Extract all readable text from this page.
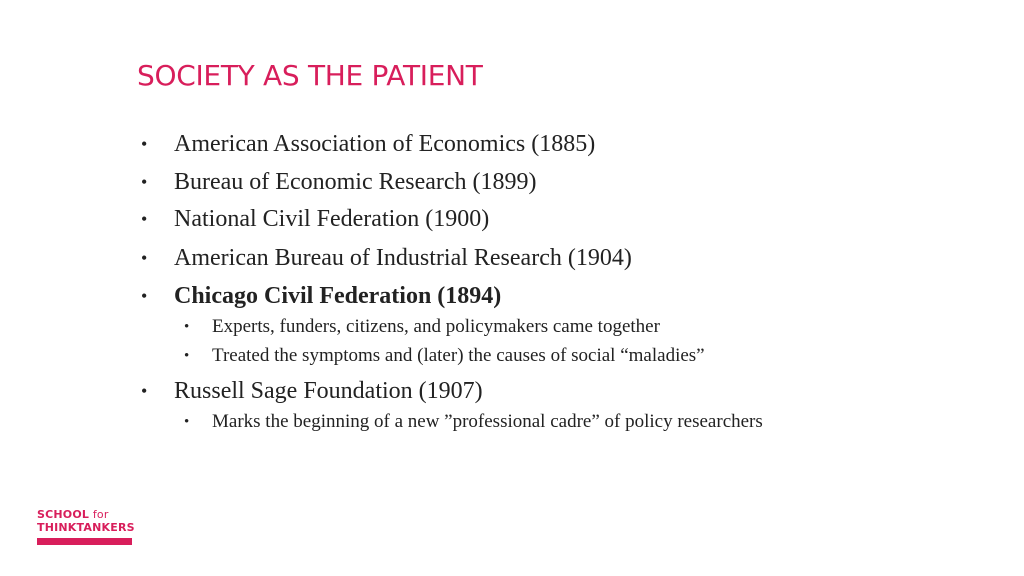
SOCIETY AS THE PATIENT
• American Association of Economics (1885)
• Bureau of Economic Research (1899)
• National Civil Federation (1900)
• American Bureau of Industrial Research (1904)
• Chicago Civil Federation (1894)
• Experts, funders, citizens, and policymakers came together
• Treated the symptoms and (later) the causes of social “maladies”
• Russell Sage Foundation (1907)
• Marks the beginning of a new ”professional cadre” of policy researchers
SCHOOL for
THINKTANKERS
